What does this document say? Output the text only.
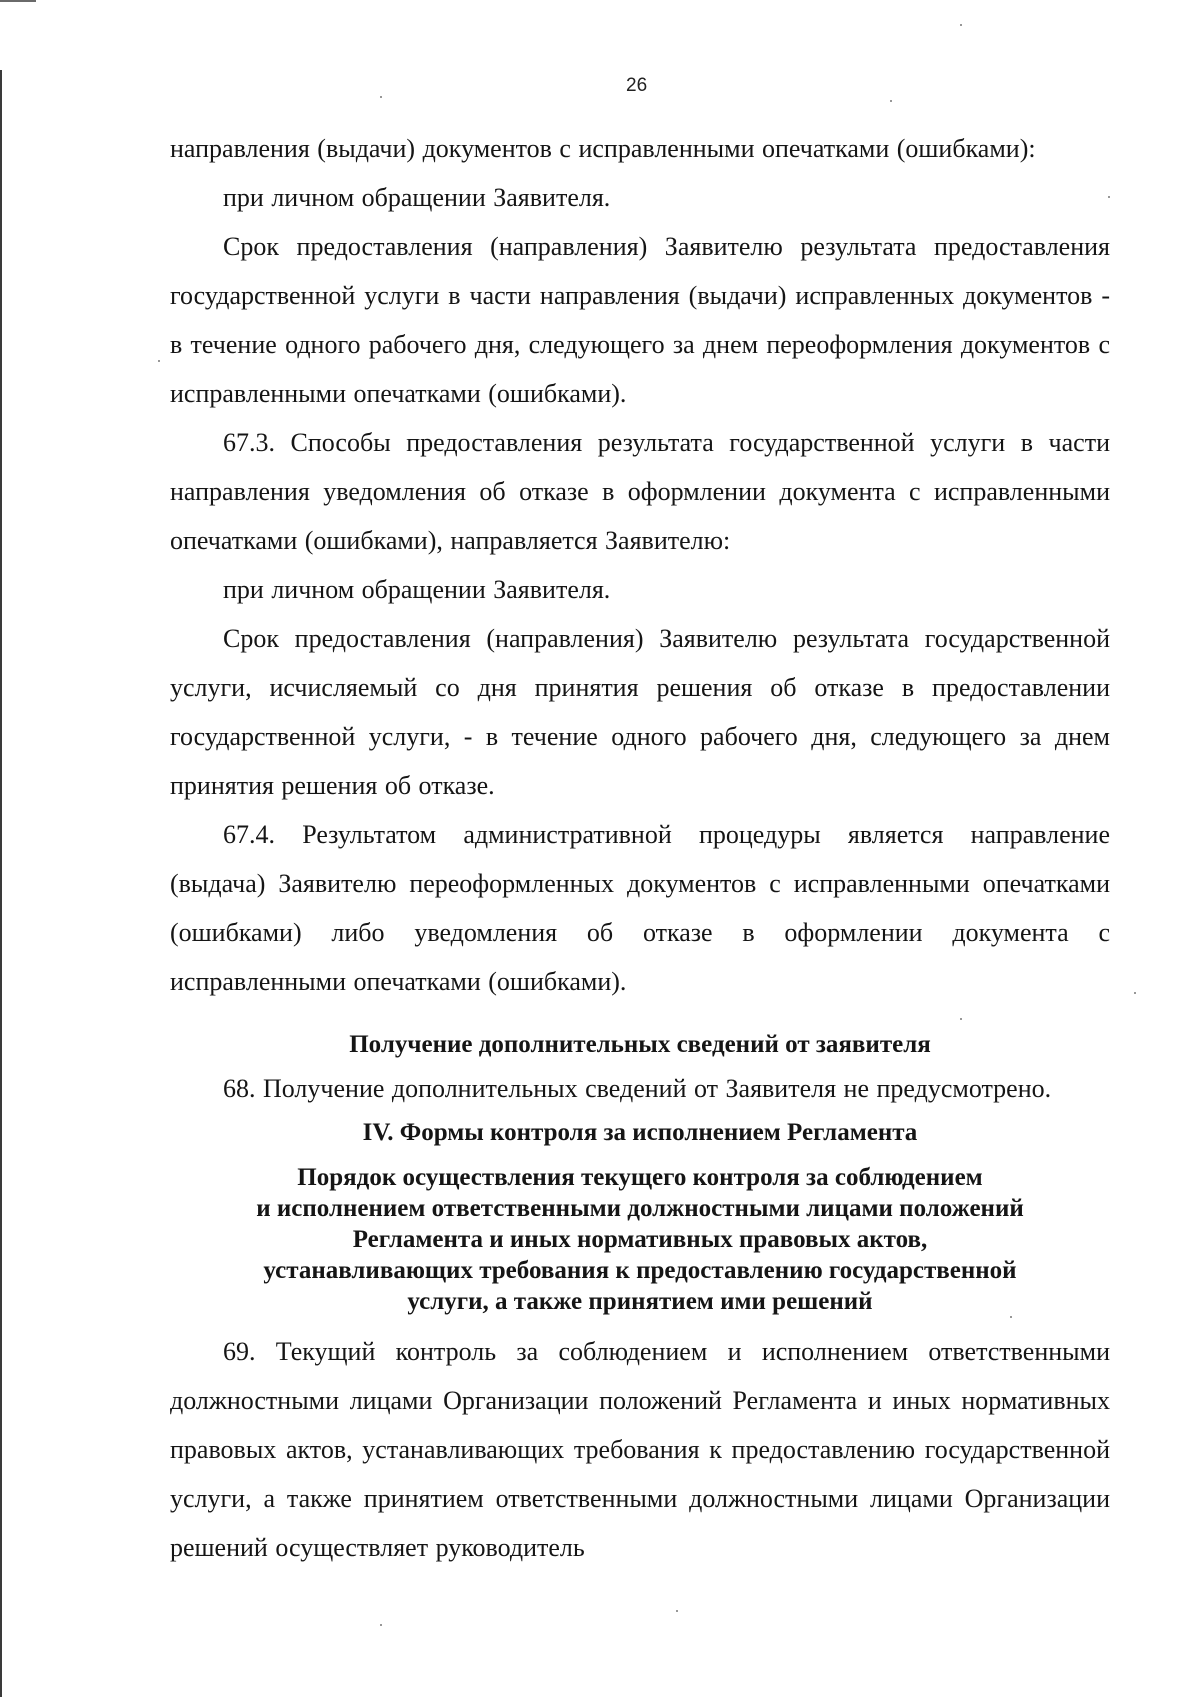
26

направления (выдачи) документов с исправленными опечатками (ошибками):

при личном обращении Заявителя.

Срок предоставления (направления) Заявителю результата предоставления государственной услуги в части направления (выдачи) исправленных документов - в течение одного рабочего дня, следующего за днем переоформления документов с исправленными опечатками (ошибками).

67.3. Способы предоставления результата государственной услуги в части направления уведомления об отказе в оформлении документа с исправленными опечатками (ошибками), направляется Заявителю:

при личном обращении Заявителя.

Срок предоставления (направления) Заявителю результата государственной услуги, исчисляемый со дня принятия решения об отказе в предоставлении государственной услуги, - в течение одного рабочего дня, следующего за днем принятия решения об отказе.

67.4. Результатом административной процедуры является направление (выдача) Заявителю переоформленных документов с исправленными опечатками (ошибками) либо уведомления об отказе в оформлении документа с исправленными опечатками (ошибками).

Получение дополнительных сведений от заявителя

68. Получение дополнительных сведений от Заявителя не предусмотрено.

IV. Формы контроля за исполнением Регламента

Порядок осуществления текущего контроля за соблюдением

и исполнением ответственными должностными лицами положений

Регламента и иных нормативных правовых актов,

устанавливающих требования к предоставлению государственной

услуги, а также принятием ими решений

69. Текущий контроль за соблюдением и исполнением ответственными должностными лицами Организации положений Регламента и иных нормативных правовых актов, устанавливающих требования к предоставлению государственной услуги, а также принятием ответственными должностными лицами Организации решений осуществляет руководитель
